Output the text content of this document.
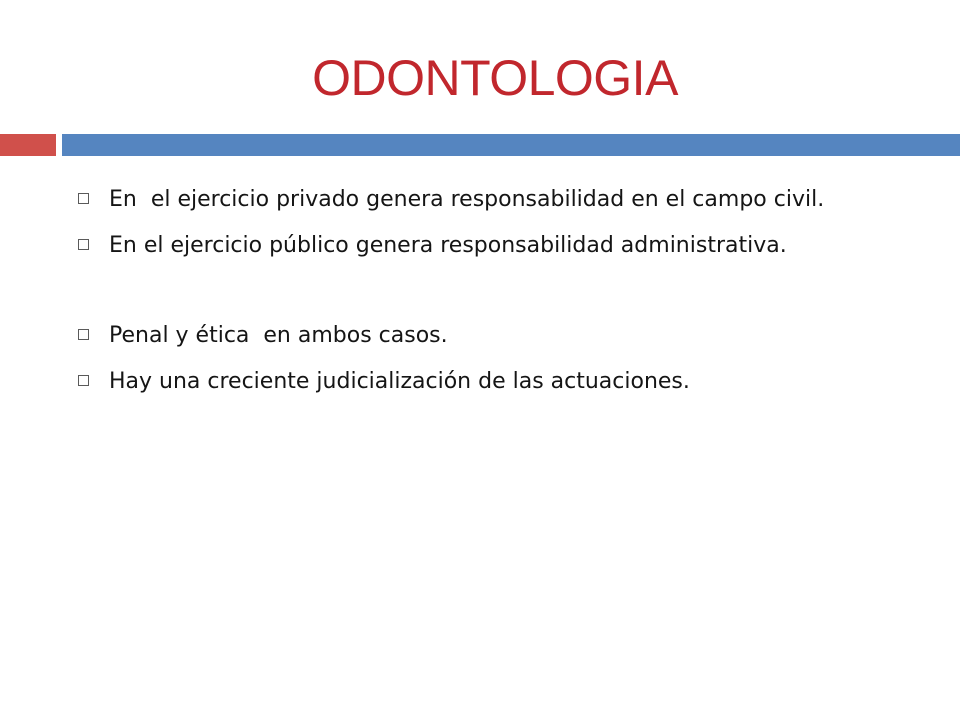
ODONTOLOGIA
En  el ejercicio privado genera responsabilidad en el campo civil.
En el ejercicio público genera responsabilidad administrativa.
Penal y ética  en ambos casos.
Hay una creciente judicialización de las actuaciones.
